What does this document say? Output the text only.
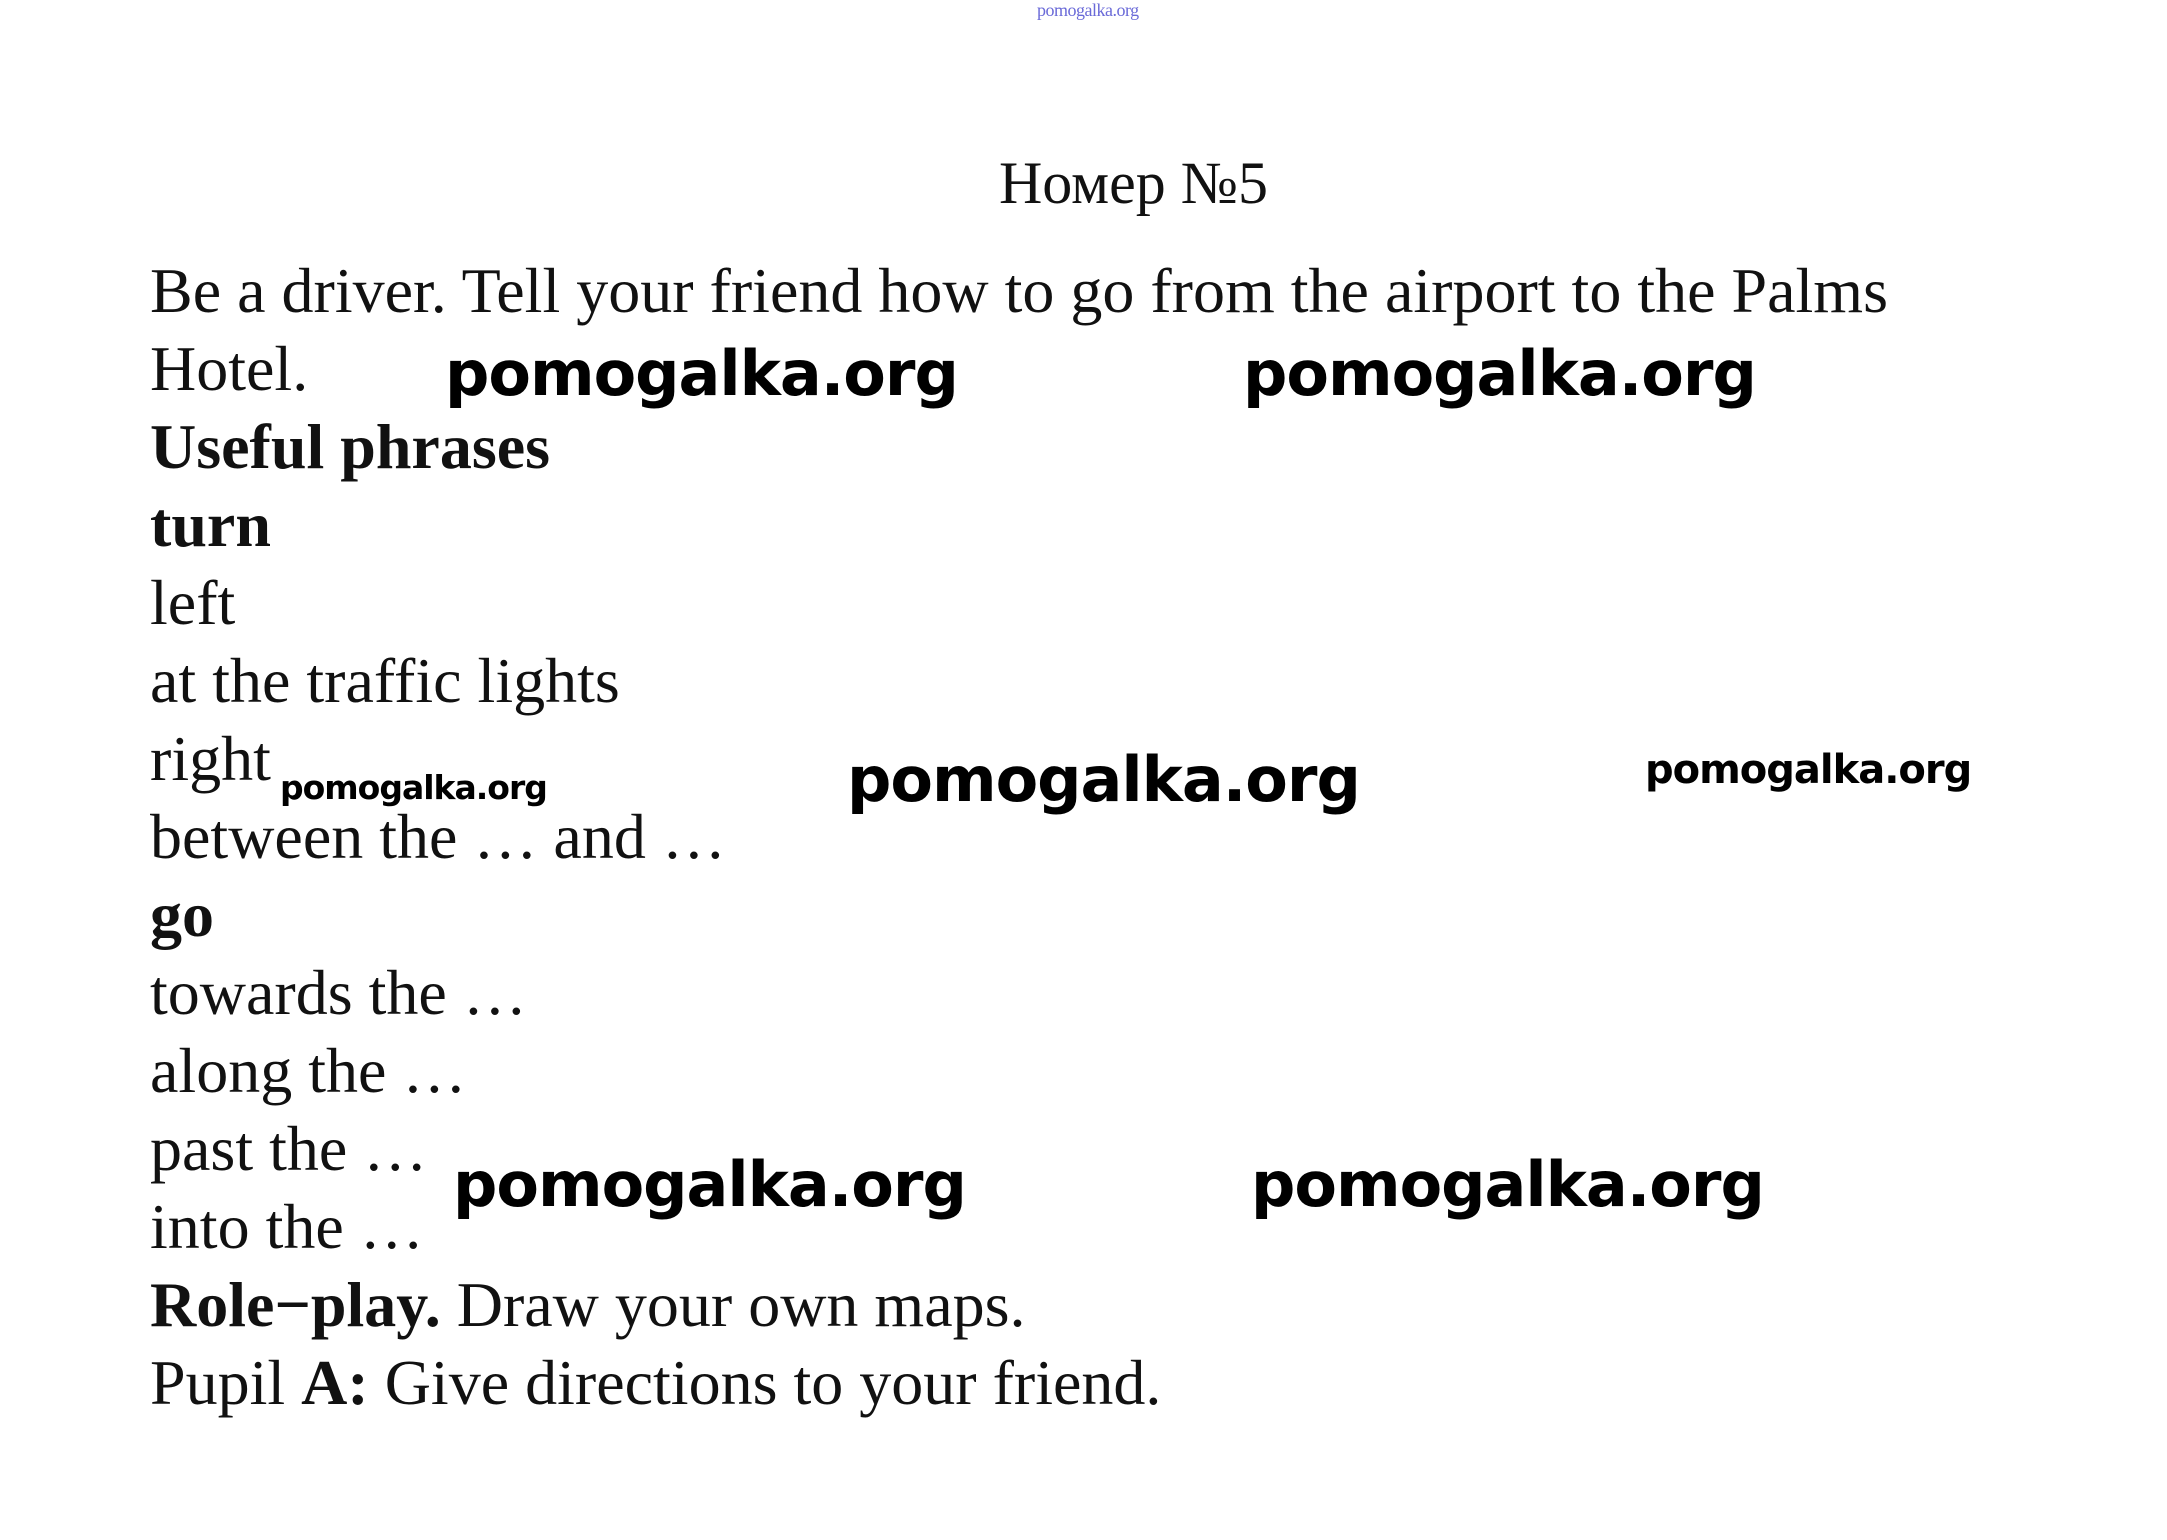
pomogalka.org
Номер №5
Be a driver. Tell your friend how to go from the airport to the Palms
Hotel.
Useful phrases
turn
left
at the traffic lights
right
between the … and …
go
towards the …
along the …
past the …
into the …
Role−play. Draw your own maps.
Pupil A: Give directions to your friend.
pomogalka.org	pomogalka.org
pomogalka.org	pomogalka.org	pomogalka.org
pomogalka.org	pomogalka.org
